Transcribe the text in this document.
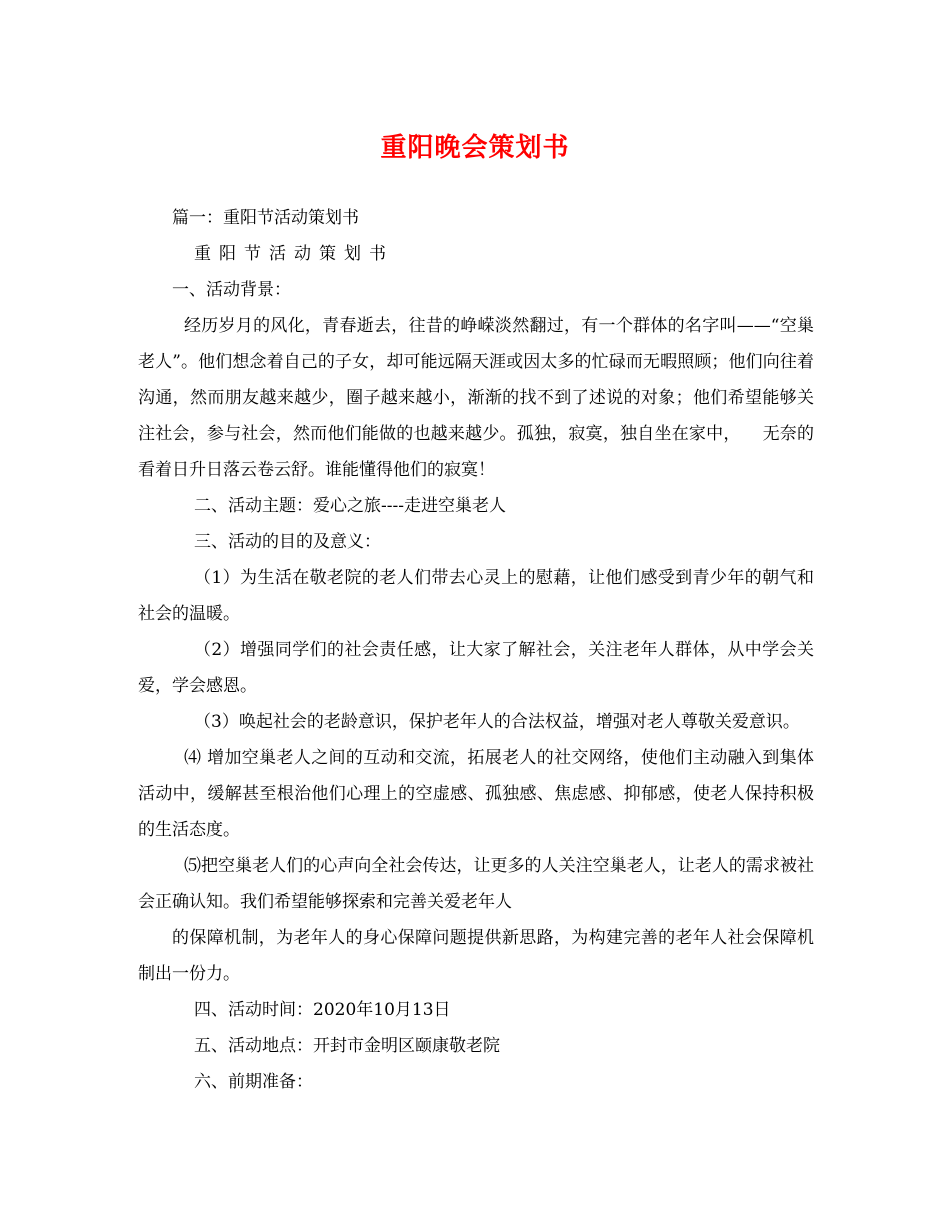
重阳晚会策划书

篇一：重阳节活动策划书

重阳节活动策划书

一、活动背景：

经历岁月的风化，青春逝去，往昔的峥嵘淡然翻过，有一个群体的名字叫——“空巢老人”。他们想念着自己的子女，却可能远隔天涯或因太多的忙碌而无暇照顾；他们向往着沟通，然而朋友越来越少，圈子越来越小，渐渐的找不到了述说的对象；他们希望能够关注社会，参与社会，然而他们能做的也越来越少。孤独，寂寞，独自坐在家中， 无奈的看着日升日落云卷云舒。谁能懂得他们的寂寞！

二、活动主题：爱心之旅----走进空巢老人

三、活动的目的及意义：

（1）为生活在敬老院的老人们带去心灵上的慰藉，让他们感受到青少年的朝气和社会的温暖。

（2）增强同学们的社会责任感，让大家了解社会，关注老年人群体，从中学会关爱，学会感恩。

（3）唤起社会的老龄意识，保护老年人的合法权益，增强对老人尊敬关爱意识。

⑷ 增加空巢老人之间的互动和交流，拓展老人的社交网络，使他们主动融入到集体活动中，缓解甚至根治他们心理上的空虚感、孤独感、焦虑感、抑郁感，使老人保持积极的生活态度。

⑸把空巢老人们的心声向全社会传达，让更多的人关注空巢老人，让老人的需求被社会正确认知。我们希望能够探索和完善关爱老年人

的保障机制，为老年人的身心保障问题提供新思路，为构建完善的老年人社会保障机制出一份力。

四、活动时间：2020年10月13日

五、活动地点：开封市金明区颐康敬老院

六、前期准备：
